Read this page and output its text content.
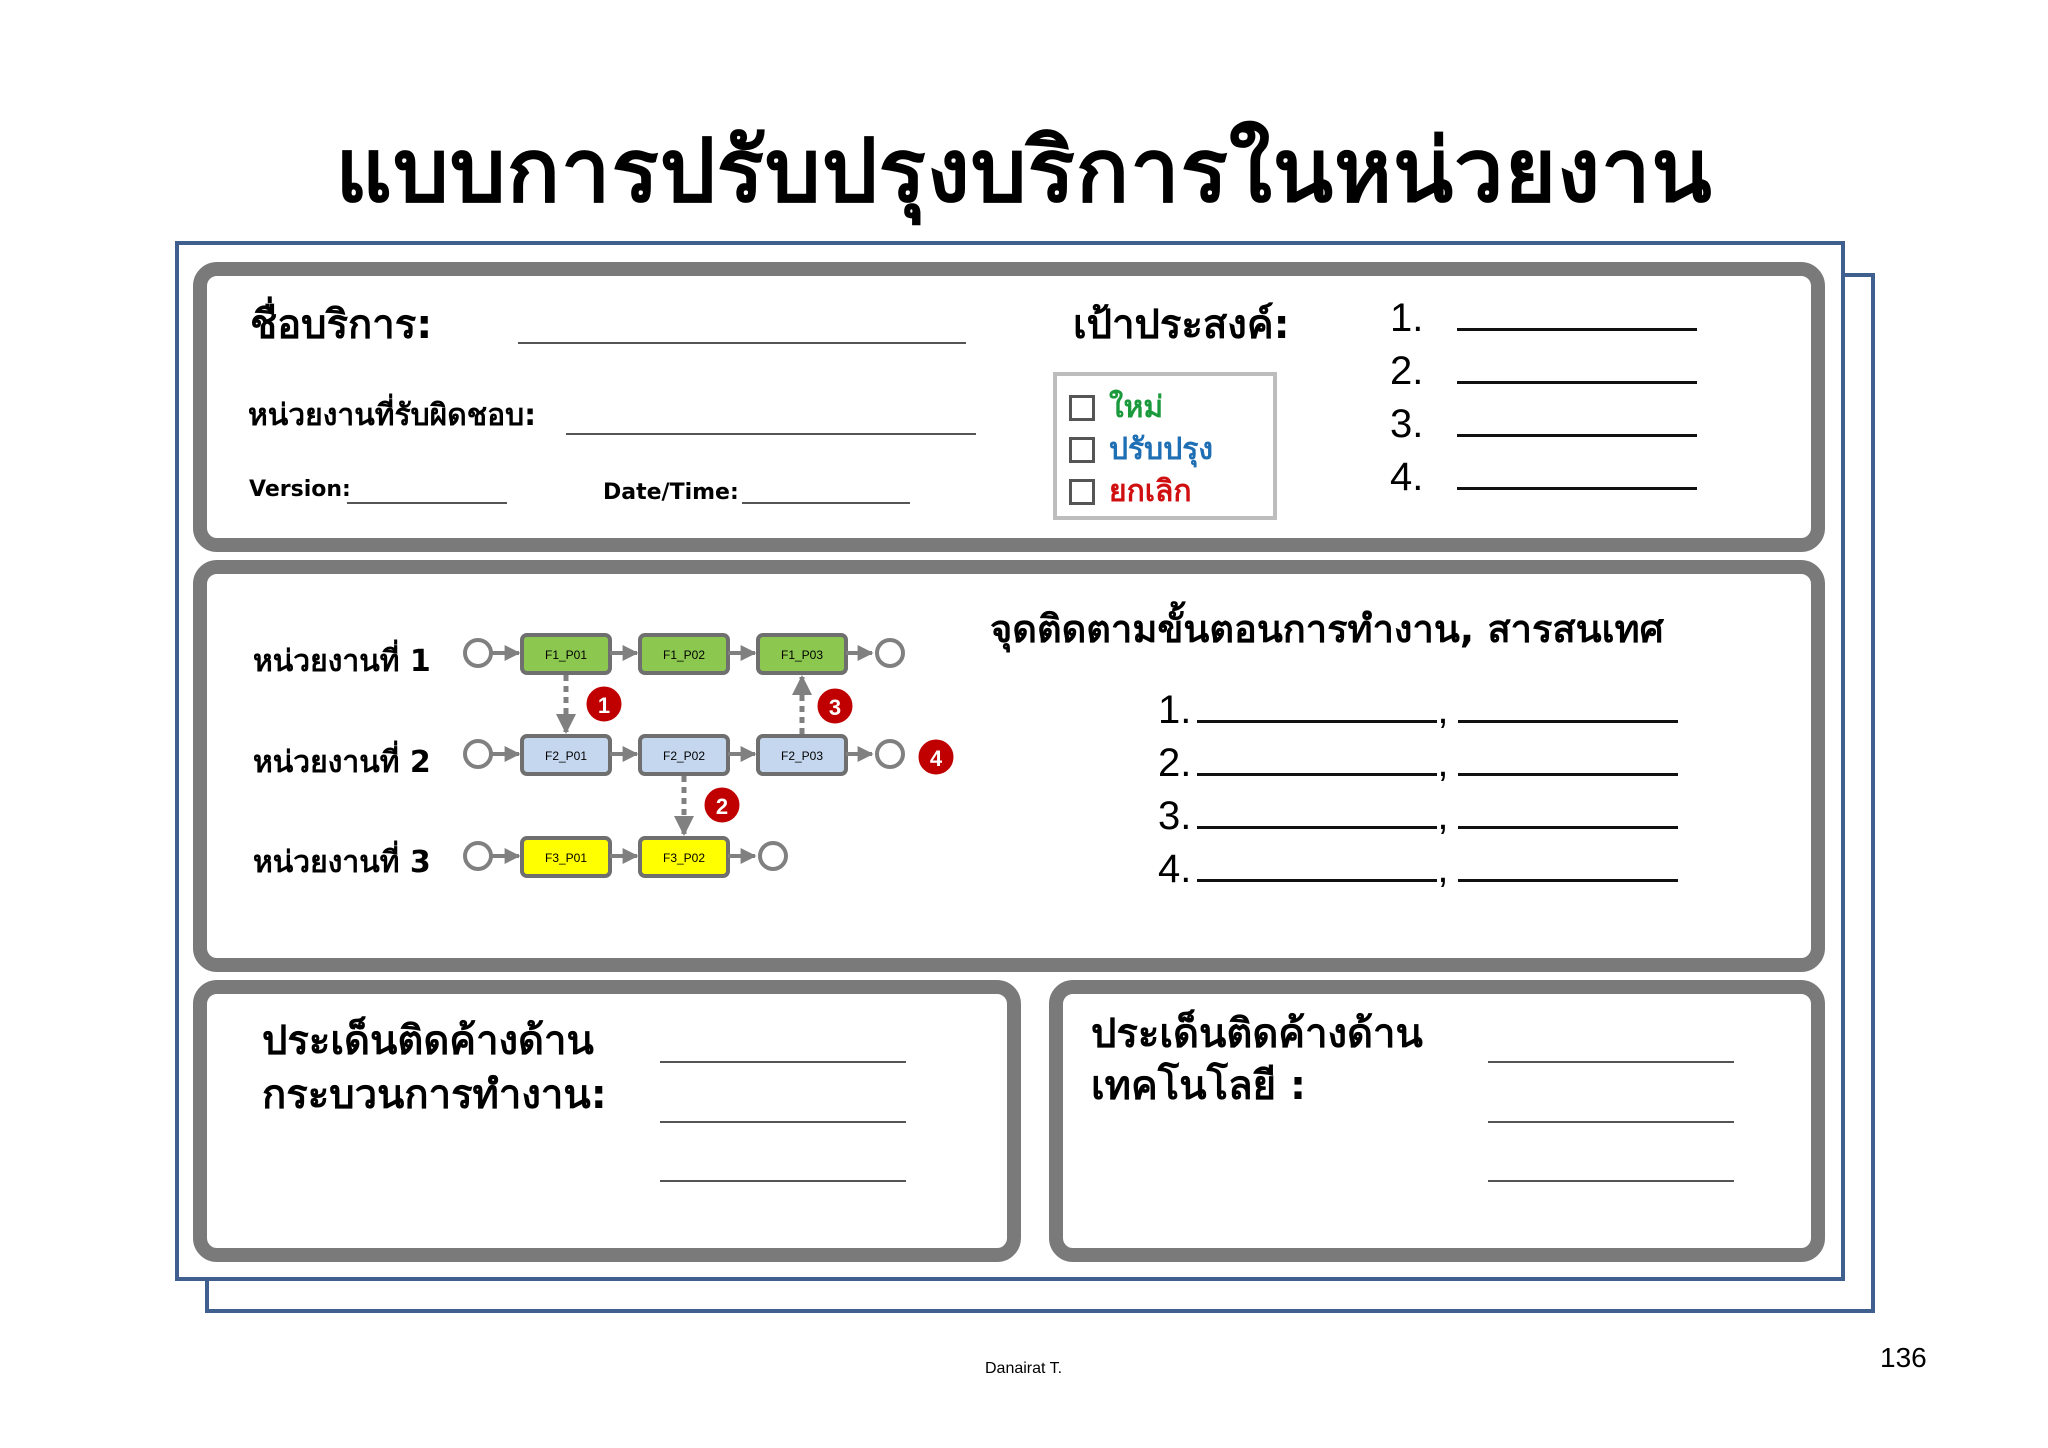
แบบการปรับปรุงบริการในหน่วยงาน
ชื่อบริการ:
หน่วยงานที่รับผิดชอบ:
Version:	Date/Time:
เป้าประสงค์:
ใหม่
ปรับปรุง
ยกเลิก
1.
2.
3.
4.
หน่วยงานที่ 1
หน่วยงานที่ 2
หน่วยงานที่ 3
F1_P01	F1_P02	F1_P03
F2_P01	F2_P02	F2_P03
F3_P01	F3_P02
1
2
3
4
จุดติดตามขั้นตอนการทำงาน, สารสนเทศ
1.	,
2.	,
3.	,
4.	,
ประเด็นติดค้างด้าน
กระบวนการทำงาน:
ประเด็นติดค้างด้าน
เทคโนโลยี :
Danairat T.	136
